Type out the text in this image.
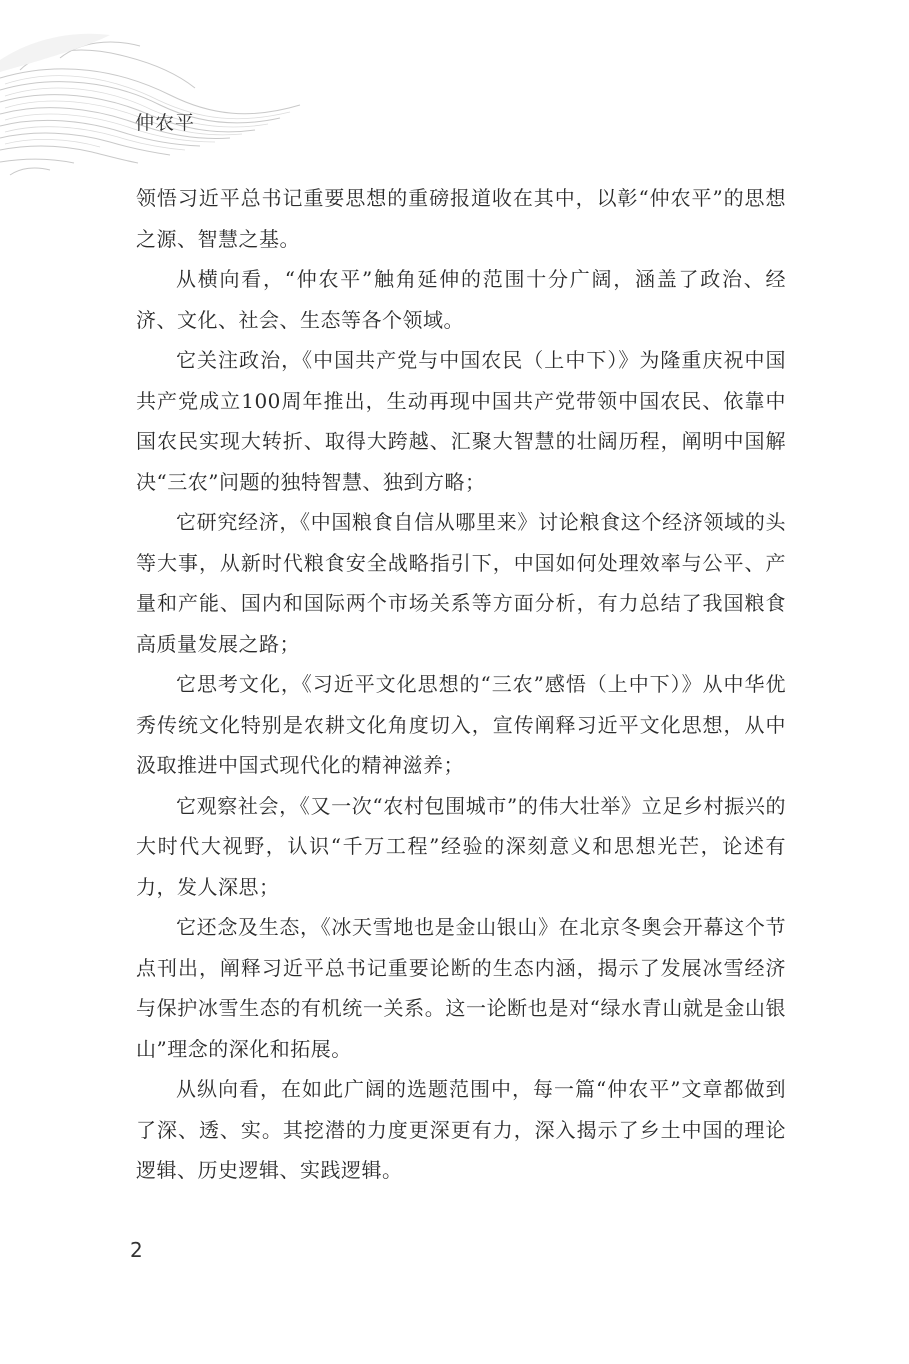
仲农平

领悟习近平总书记重要思想的重磅报道收在其中，以彰“仲农平”的思想之源、智慧之基。

从横向看，“仲农平”触角延伸的范围十分广阔，涵盖了政治、经济、文化、社会、生态等各个领域。

它关注政治，《中国共产党与中国农民（上中下）》为隆重庆祝中国共产党成立100周年推出，生动再现中国共产党带领中国农民、依靠中国农民实现大转折、取得大跨越、汇聚大智慧的壮阔历程，阐明中国解决“三农”问题的独特智慧、独到方略；

它研究经济，《中国粮食自信从哪里来》讨论粮食这个经济领域的头等大事，从新时代粮食安全战略指引下，中国如何处理效率与公平、产量和产能、国内和国际两个市场关系等方面分析，有力总结了我国粮食高质量发展之路；

它思考文化，《习近平文化思想的“三农”感悟（上中下）》从中华优秀传统文化特别是农耕文化角度切入，宣传阐释习近平文化思想，从中汲取推进中国式现代化的精神滋养；

它观察社会，《又一次“农村包围城市”的伟大壮举》立足乡村振兴的大时代大视野，认识“千万工程”经验的深刻意义和思想光芒，论述有力，发人深思；

它还念及生态，《冰天雪地也是金山银山》在北京冬奥会开幕这个节点刊出，阐释习近平总书记重要论断的生态内涵，揭示了发展冰雪经济与保护冰雪生态的有机统一关系。这一论断也是对“绿水青山就是金山银山”理念的深化和拓展。

从纵向看，在如此广阔的选题范围中，每一篇“仲农平”文章都做到了深、透、实。其挖潜的力度更深更有力，深入揭示了乡土中国的理论逻辑、历史逻辑、实践逻辑。

2
